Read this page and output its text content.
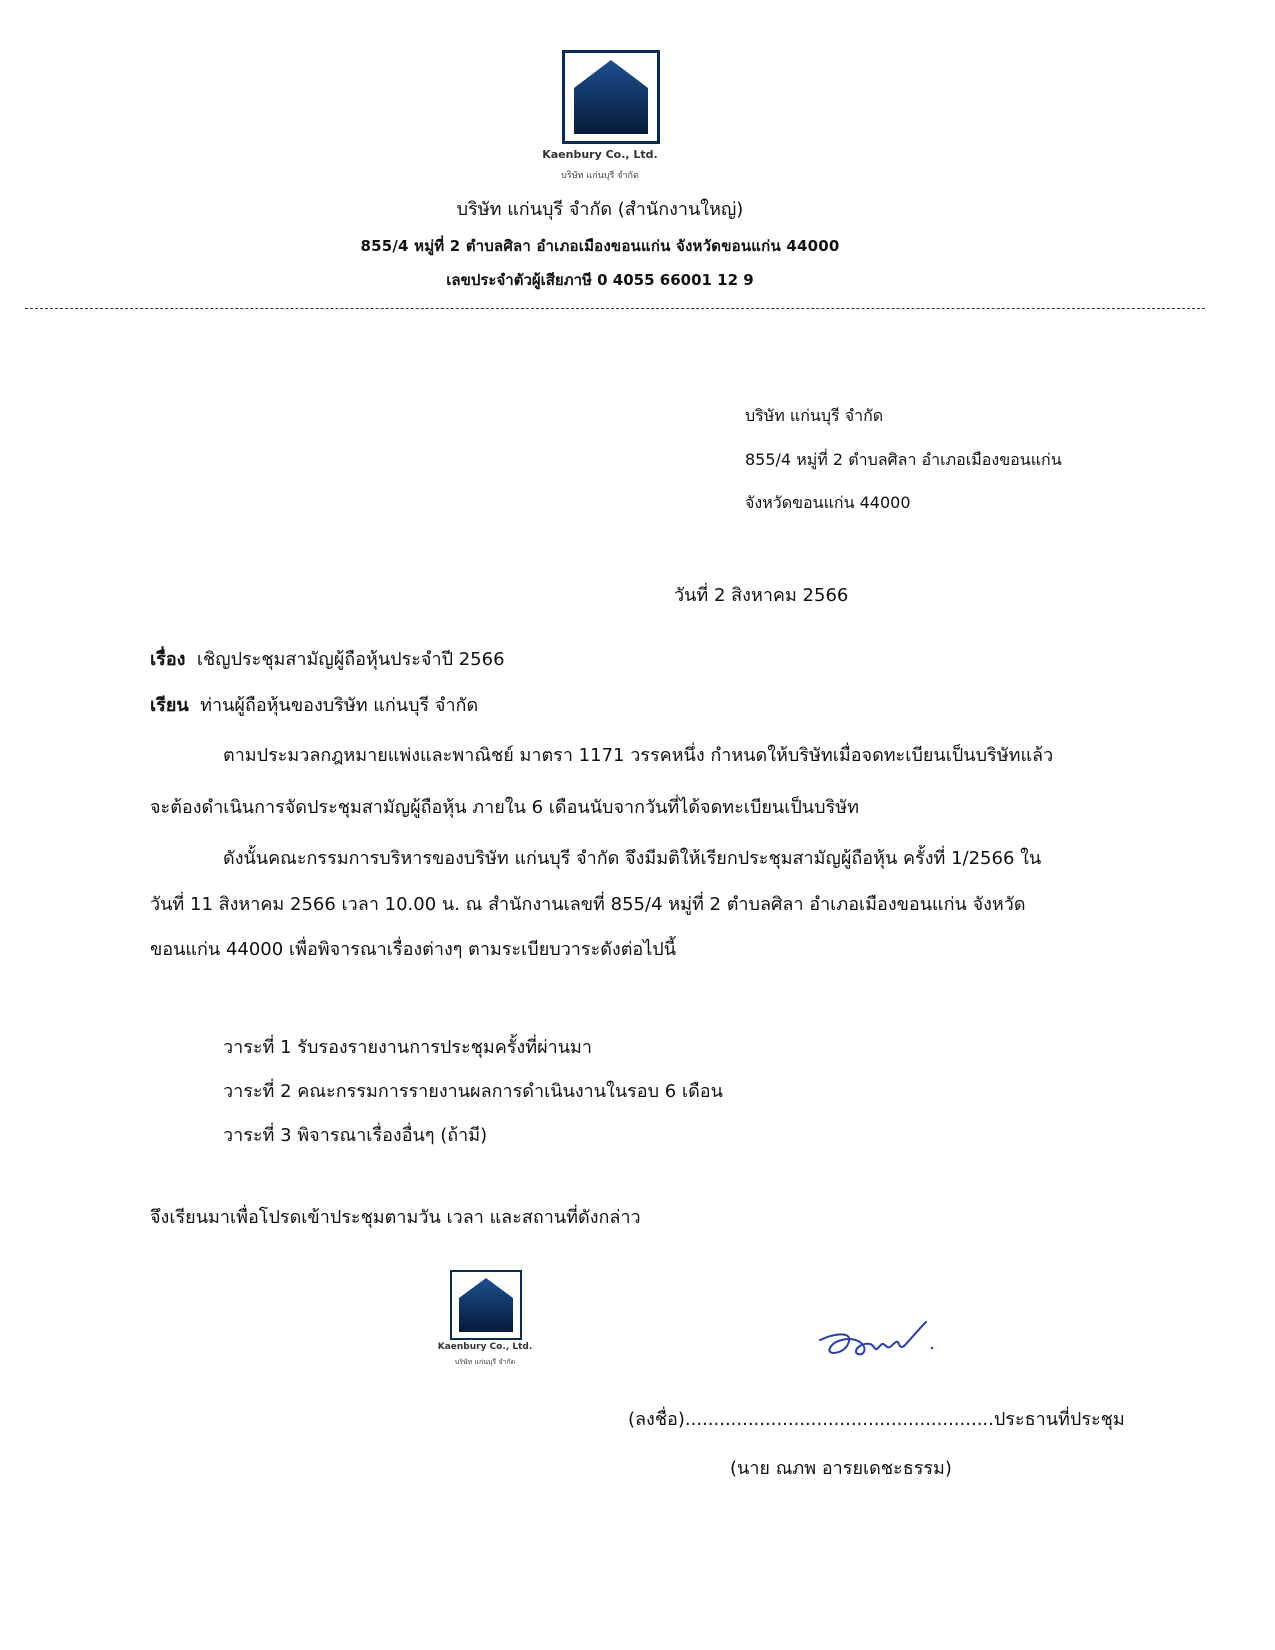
Kaenbury Co., Ltd.
บริษัท แก่นบุรี จำกัด
บริษัท แก่นบุรี จำกัด (สำนักงานใหญ่)
855/4 หมู่ที่ 2 ตำบลศิลา อำเภอเมืองขอนแก่น จังหวัดขอนแก่น 44000
เลขประจำตัวผู้เสียภาษี 0 4055 66001 12 9
บริษัท แก่นบุรี จำกัด
855/4 หมู่ที่ 2 ตำบลศิลา อำเภอเมืองขอนแก่น
จังหวัดขอนแก่น 44000
วันที่ 2 สิงหาคม 2566
เรื่อง เชิญประชุมสามัญผู้ถือหุ้นประจำปี 2566
เรียน ท่านผู้ถือหุ้นของบริษัท แก่นบุรี จำกัด
ตามประมวลกฎหมายแพ่งและพาณิชย์ มาตรา 1171 วรรคหนึ่ง กำหนดให้บริษัทเมื่อจดทะเบียนเป็นบริษัทแล้ว
จะต้องดำเนินการจัดประชุมสามัญผู้ถือหุ้น ภายใน 6 เดือนนับจากวันที่ได้จดทะเบียนเป็นบริษัท
ดังนั้นคณะกรรมการบริหารของบริษัท แก่นบุรี จำกัด จึงมีมติให้เรียกประชุมสามัญผู้ถือหุ้น ครั้งที่ 1/2566 ใน
วันที่ 11 สิงหาคม 2566 เวลา 10.00 น. ณ สำนักงานเลขที่ 855/4 หมู่ที่ 2 ตำบลศิลา อำเภอเมืองขอนแก่น จังหวัด
ขอนแก่น 44000 เพื่อพิจารณาเรื่องต่างๆ ตามระเบียบวาระดังต่อไปนี้
วาระที่ 1 รับรองรายงานการประชุมครั้งที่ผ่านมา
วาระที่ 2 คณะกรรมการรายงานผลการดำเนินงานในรอบ 6 เดือน
วาระที่ 3 พิจารณาเรื่องอื่นๆ (ถ้ามี)
จึงเรียนมาเพื่อโปรดเข้าประชุมตามวัน เวลา และสถานที่ดังกล่าว
Kaenbury Co., Ltd.
บริษัท แก่นบุรี จำกัด
(ลงชื่อ)......................................................ประธานที่ประชุม
(นาย ณภพ อารยเดชะธรรม)
